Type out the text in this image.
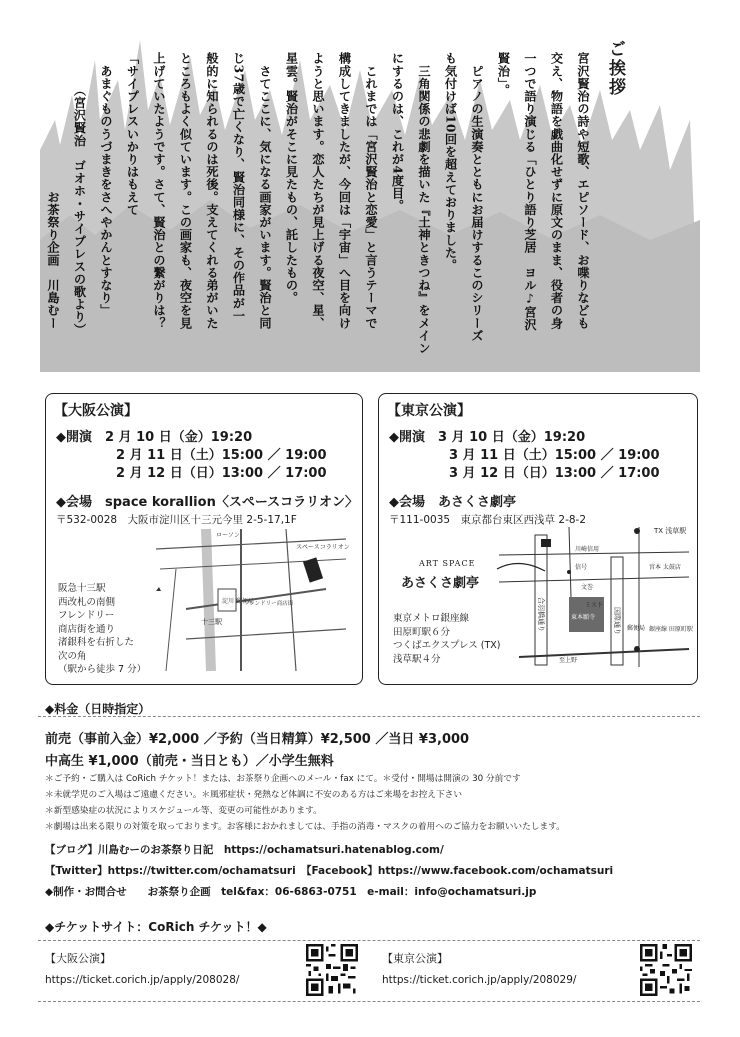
ご挨拶
宮沢賢治の詩や短歌、エピソード、お喋りなども
交え、物語を戯曲化せずに原文のまま、役者の身
一つで語り演じる「ひとり語り芝居　ヨル♪宮沢
賢治」。
　ピアノの生演奏とともにお届けするこのシリーズ
も気付けば10回を超えておりました。
　三角関係の悲劇を描いた『土神ときつね』をメイン
にするのは、これが4度目。
　これまでは「宮沢賢治と恋愛」と言うテーマで
構成してきましたが、今回は「宇宙」へ目を向け
ようと思います。恋人たちが見上げる夜空、星、
星雲。賢治がそこに見たもの、託したもの。
　さてここに、気になる画家がいます。賢治と同
じ37歳で亡くなり、賢治同様に、その作品が一
般的に知られるのは死後。支えてくれる弟がいた
ところもよく似ています。この画家も、夜空を見
上げていたようです。さて、賢治との繋がりは？
「サイプレスいかりはもえて
　あまぐものうづまきをさへやかんとすなり」
　　　（宮沢賢治　ゴオホ・サイプレスの歌より）
　　　　　　　　　　　お茶祭り企画　川島むー
【大阪公演】
◆開演　 2 月 10 日（金）19:20
2 月 11 日（土）15:00 ／ 19:00
2 月 12 日（日）13:00 ／ 17:00
◆会場　space korallion〈スペースコラリオン〉
〒532-0028　大阪市淀川区十三元今里 2-5-17,1F
ローソン
淀川 郵便局
十三駅
フレンドリー商店街
スペースコラリオン
阪急十三駅
西改札の南側
フレンドリー
商店街を通り
渚銀科を右折した
次の角
（駅から徒歩 7 分）
【東京公演】
◆開演　 3 月 10 日（金）19:20
3 月 11 日（土）15:00 ／ 19:00
3 月 12 日（日）13:00 ／ 17:00
◆会場　あさくさ劇亭
〒111-0035　東京都台東区西浅草 2-8-2
ART SPACE
あさくさ劇亭
TX 浅草駅
川崎信用
信号	宮本 太鼓店
文巻
ミスド
東本願寺
郵便局 銀座線 田原町駅
至上野
合羽橋通り	国際通り
東京メトロ銀座線
田原町駅６分
つくばエクスプレス (TX)
浅草駅４分
◆料金（日時指定）
前売（事前入金）¥2,000 ／予約（当日精算）¥2,500 ／当日 ¥3,000
中高生 ¥1,000（前売・当日とも）／小学生無料
＊ご予約・ご購入は CoRich チケット！または、お茶祭り企画へのメール・fax にて。＊受付・開場は開演の 30 分前です
＊未就学児のご入場はご遠慮ください。＊風邪症状・発熱など体調に不安のある方はご来場をお控え下さい
＊新型感染症の状況によりスケジュール等、変更の可能性があります。
＊劇場は出来る限りの対策を取っております。お客様におかれましては、手指の消毒・マスクの着用へのご協力をお願いいたします。
【ブログ】川島むーのお茶祭り日記　https://ochamatsuri.hatenablog.com/
【Twitter】https://twitter.com/ochamatsuri　【Facebook】https://www.facebook.com/ochamatsuri
◆制作・お問合せ　　お茶祭り企画　tel&fax：06-6863-0751　e-mail：info@ochamatsuri.jp
◆チケットサイト：CoRich チケット！◆
【大阪公演】
https://ticket.corich.jp/apply/208028/
【東京公演】
https://ticket.corich.jp/apply/208029/
